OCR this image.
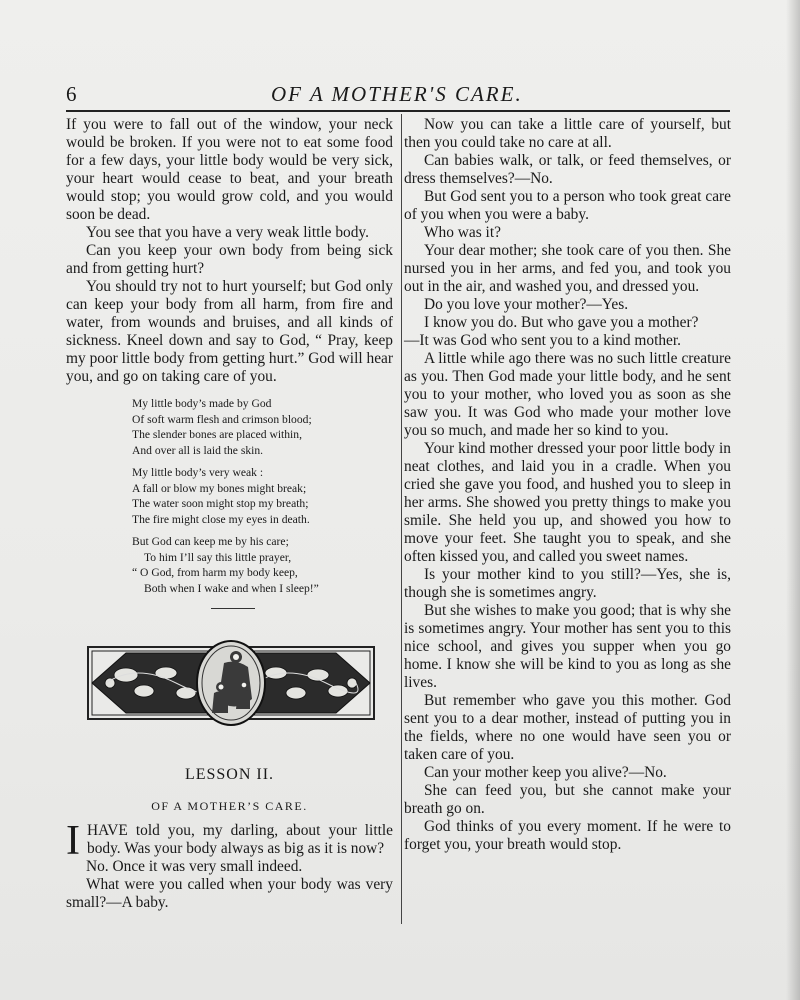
6	OF A MOTHER'S CARE.

If you were to fall out of the window, your neck would be broken. If you were not to eat some food for a few days, your little body would be very sick, your heart would cease to beat, and your breath would stop; you would grow cold, and you would soon be dead.

You see that you have a very weak little body.

Can you keep your own body from being sick and from getting hurt?

You should try not to hurt yourself; but God only can keep your body from all harm, from fire and water, from wounds and bruises, and all kinds of sickness. Kneel down and say to God, “ Pray, keep my poor little body from getting hurt.” God will hear you, and go on taking care of you.

My little body’s made by God
Of soft warm flesh and crimson blood;
The slender bones are placed within,
And over all is laid the skin.
My little body’s very weak :
A fall or blow my bones might break;
The water soon might stop my breath;
The fire might close my eyes in death.
But God can keep me by his care;
To him I’ll say this little prayer,
“ O God, from harm my body keep,
Both when I wake and when I sleep!”
LESSON II.
OF A MOTHER’S CARE.
I HAVE told you, my darling, about your little body. Was your body always as big as it is now?

No. Once it was very small indeed.

What were you called when your body was very small?—A baby.

Now you can take a little care of yourself, but then you could take no care at all.

Can babies walk, or talk, or feed themselves, or dress themselves?—No.

But God sent you to a person who took great care of you when you were a baby.

Who was it?

Your dear mother; she took care of you then. She nursed you in her arms, and fed you, and took you out in the air, and washed you, and dressed you.

Do you love your mother?—Yes.

I know you do. But who gave you a mother?

—It was God who sent you to a kind mother.

A little while ago there was no such little creature as you. Then God made your little body, and he sent you to your mother, who loved you as soon as she saw you. It was God who made your mother love you so much, and made her so kind to you.

Your kind mother dressed your poor little body in neat clothes, and laid you in a cradle. When you cried she gave you food, and hushed you to sleep in her arms. She showed you pretty things to make you smile. She held you up, and showed you how to move your feet. She taught you to speak, and she often kissed you, and called you sweet names.

Is your mother kind to you still?—Yes, she is, though she is sometimes angry.

But she wishes to make you good; that is why she is sometimes angry. Your mother has sent you to this nice school, and gives you supper when you go home. I know she will be kind to you as long as she lives.

But remember who gave you this mother. God sent you to a dear mother, instead of putting you in the fields, where no one would have seen you or taken care of you.

Can your mother keep you alive?—No.

She can feed you, but she cannot make your breath go on.

God thinks of you every moment. If he were to forget you, your breath would stop.
